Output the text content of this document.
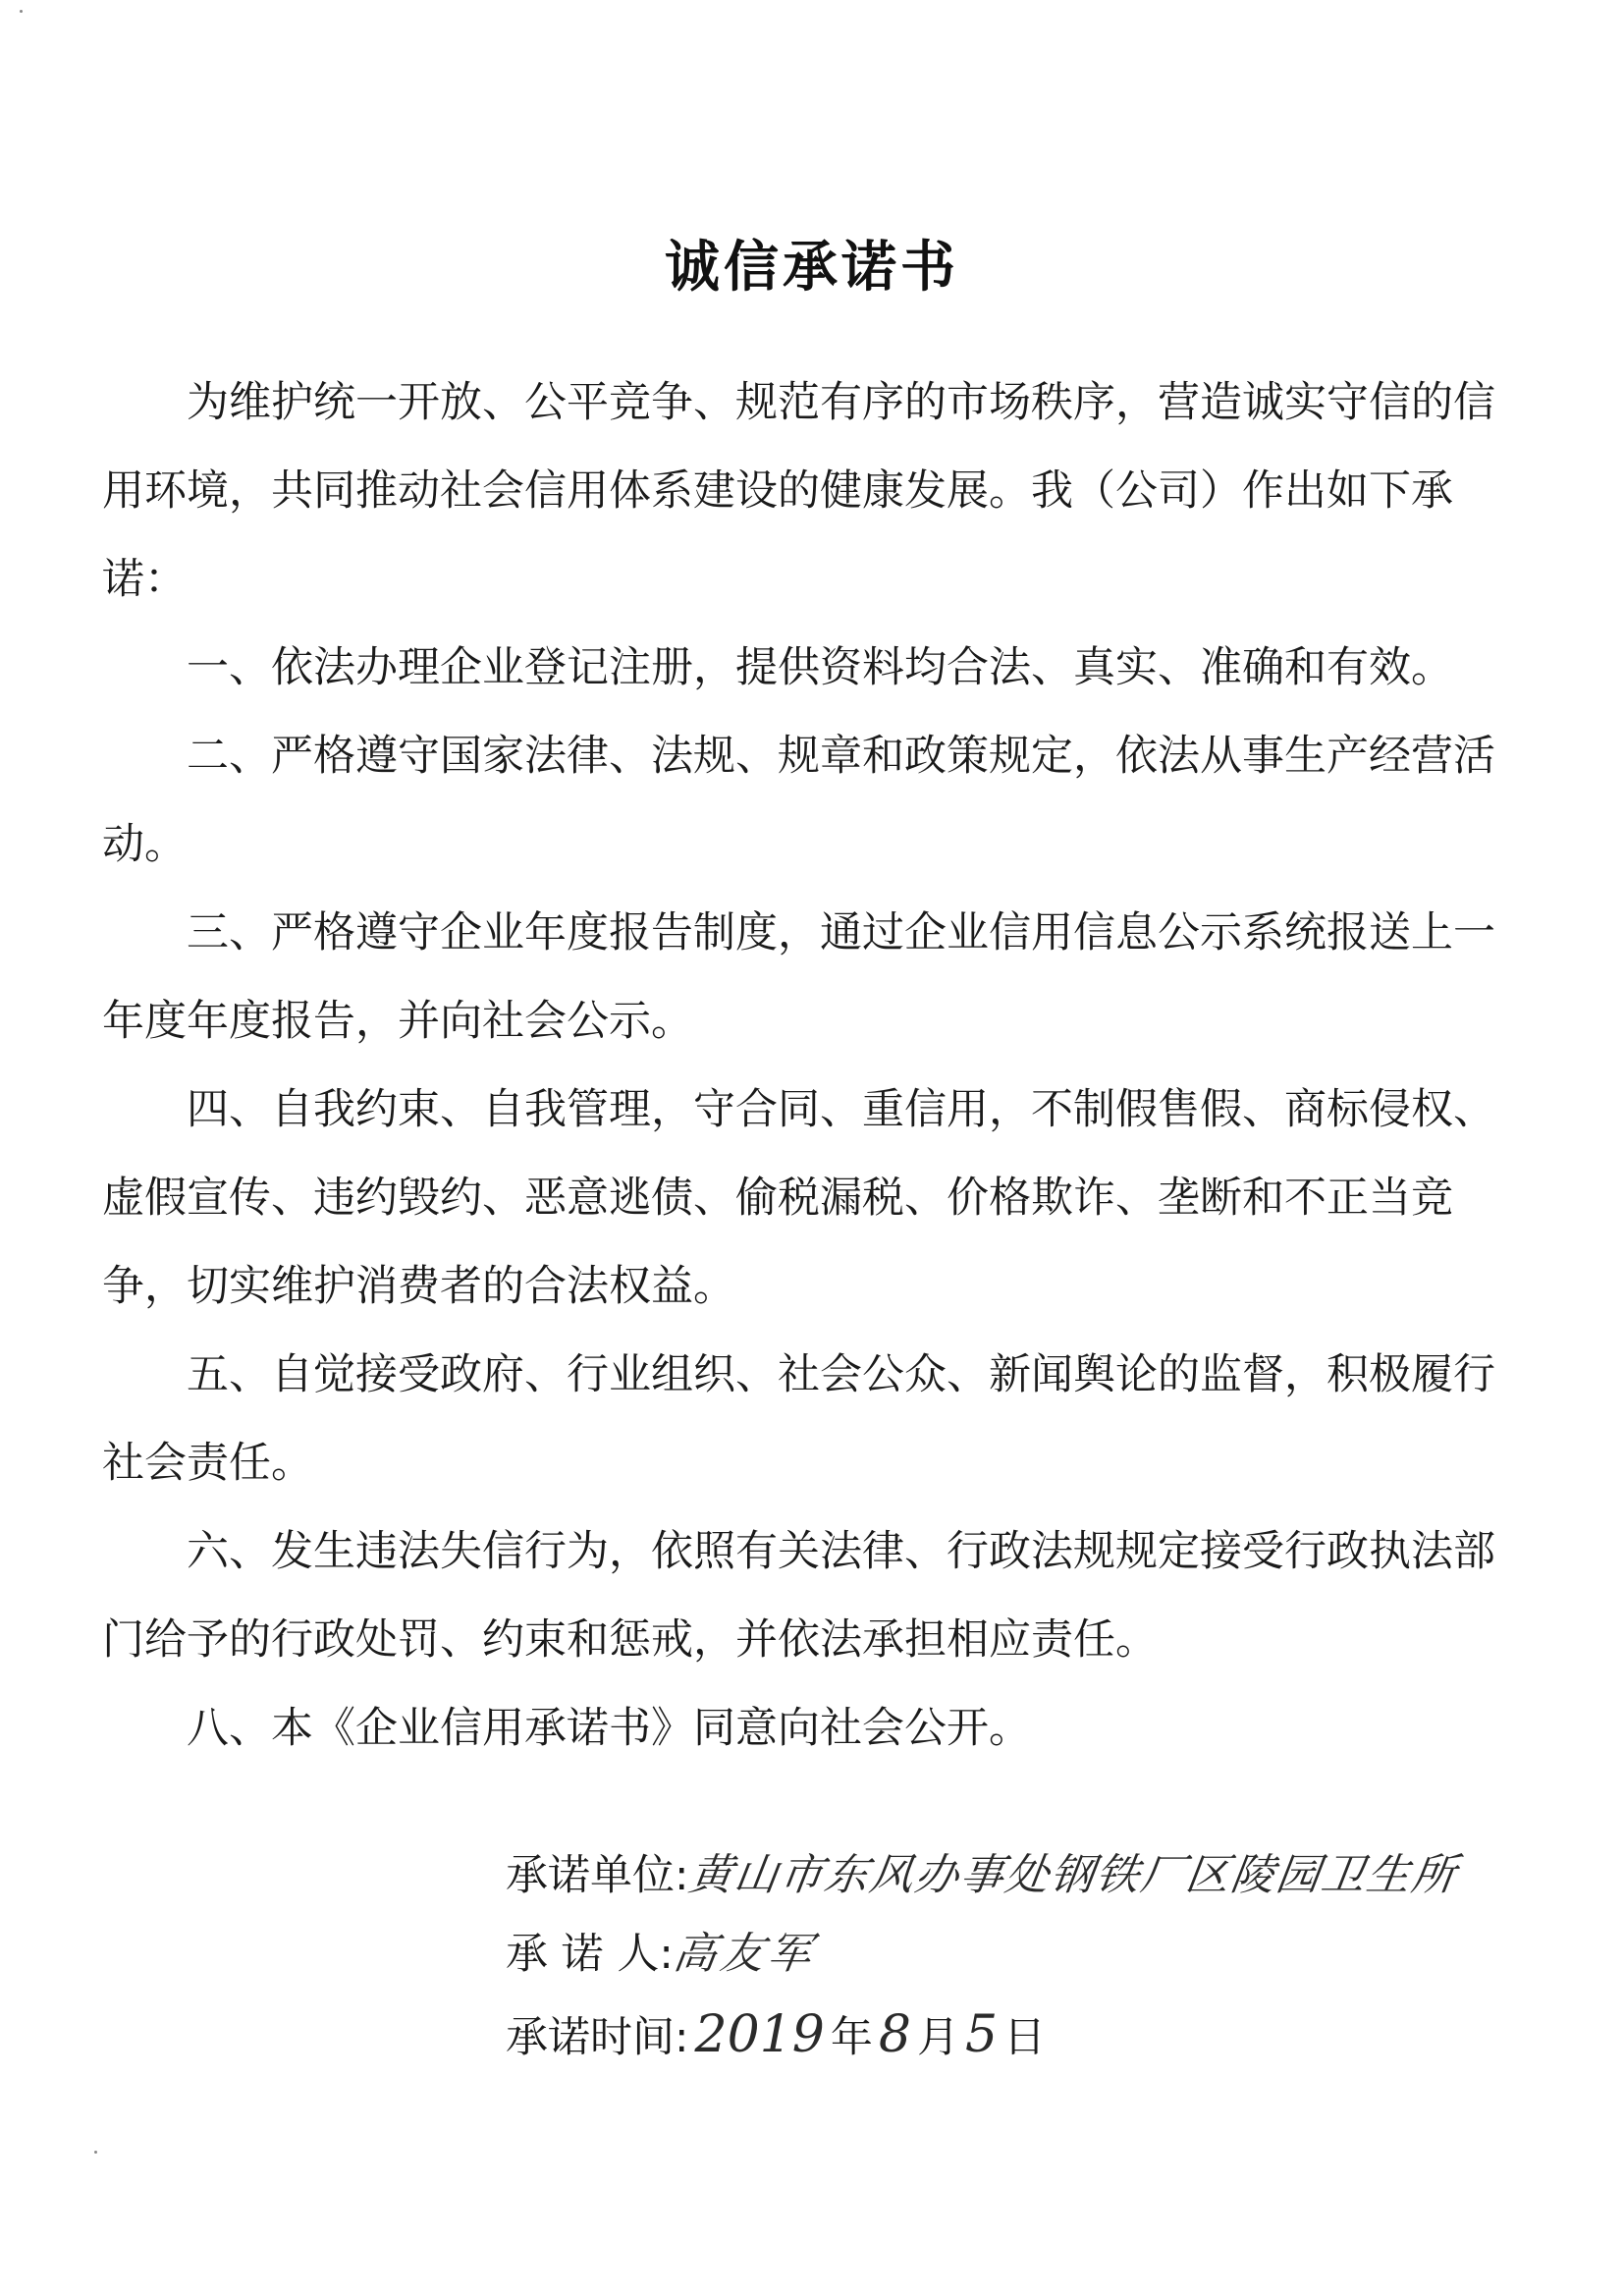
诚信承诺书

为维护统一开放、公平竞争、规范有序的市场秩序，营造诚实守信的信用环境，共同推动社会信用体系建设的健康发展。我（公司）作出如下承诺：

一、依法办理企业登记注册，提供资料均合法、真实、准确和有效。

二、严格遵守国家法律、法规、规章和政策规定，依法从事生产经营活动。

三、严格遵守企业年度报告制度，通过企业信用信息公示系统报送上一年度年度报告，并向社会公示。

四、自我约束、自我管理，守合同、重信用，不制假售假、商标侵权、虚假宣传、违约毁约、恶意逃债、偷税漏税、价格欺诈、垄断和不正当竞争，切实维护消费者的合法权益。

五、自觉接受政府、行业组织、社会公众、新闻舆论的监督，积极履行社会责任。

六、发生违法失信行为，依照有关法律、行政法规规定接受行政执法部门给予的行政处罚、约束和惩戒，并依法承担相应责任。

八、本《企业信用承诺书》同意向社会公开。

承诺单位:黄山市东风办事处钢铁厂区陵园卫生所
承 诺 人:高友军
承诺时间: 2019 年 8 月 5 日
